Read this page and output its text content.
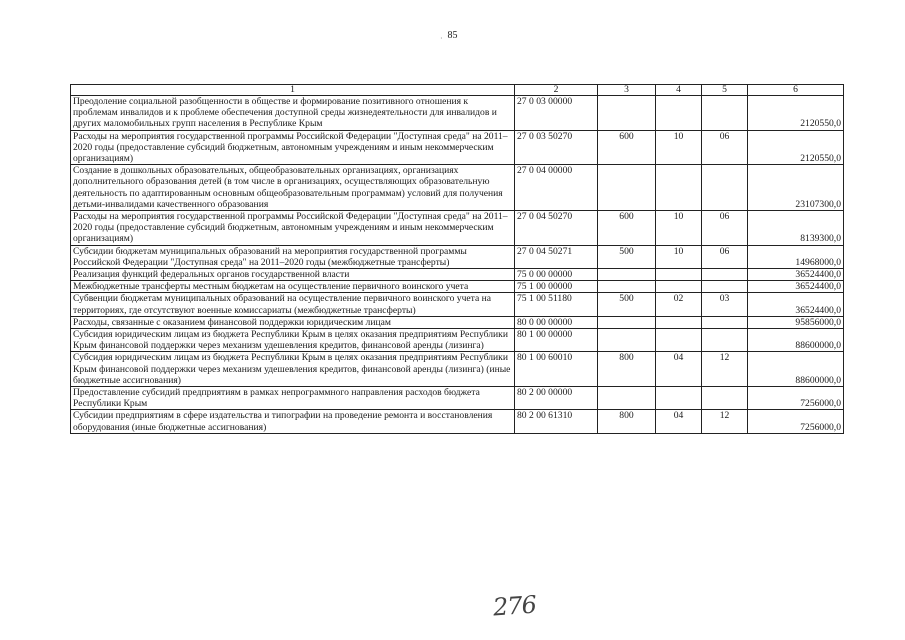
85
·
1	2	3	4	5	6
Преодоление социальной разобщенности в обществе и формирование позитивного отношения к проблемам инвалидов и к проблеме обеспечения доступной среды жизнедеятельности для инвалидов и других маломобильных групп населения в Республике Крым	27 0 03 00000				2120550,0
Расходы на мероприятия государственной программы Российской Федерации "Доступная среда" на 2011–2020 годы (предоставление субсидий бюджетным, автономным учреждениям и иным некоммерческим организациям)	27 0 03 50270	600	10	06	2120550,0
Создание в дошкольных образовательных, общеобразовательных организациях, организациях дополнительного образования детей (в том числе в организациях, осуществляющих образовательную деятельность по адаптированным основным общеобразовательным программам) условий для получения детьми-инвалидами качественного образования	27 0 04 00000				23107300,0
Расходы на мероприятия государственной программы Российской Федерации "Доступная среда" на 2011–2020 годы (предоставление субсидий бюджетным, автономным учреждениям и иным некоммерческим организациям)	27 0 04 50270	600	10	06	8139300,0
Субсидии бюджетам муниципальных образований на мероприятия государственной программы Российской Федерации "Доступная среда" на 2011–2020 годы (межбюджетные трансферты)	27 0 04 50271	500	10	06	14968000,0
Реализация функций федеральных органов государственной власти	75 0 00 00000				36524400,0
Межбюджетные трансферты местным бюджетам на осуществление первичного воинского учета	75 1 00 00000				36524400,0
Субвенции бюджетам муниципальных образований на осуществление первичного воинского учета на территориях, где отсутствуют военные комиссариаты (межбюджетные трансферты)	75 1 00 51180	500	02	03	36524400,0
Расходы, связанные с оказанием финансовой поддержки юридическим лицам	80 0 00 00000				95856000,0
Субсидия юридическим лицам из бюджета Республики Крым в целях оказания предприятиям Республики Крым финансовой поддержки через механизм удешевления кредитов, финансовой аренды (лизинга)	80 1 00 00000				88600000,0
Субсидия юридическим лицам из бюджета Республики Крым в целях оказания предприятиям Республики Крым финансовой поддержки через механизм удешевления кредитов, финансовой аренды (лизинга) (иные бюджетные ассигнования)	80 1 00 60010	800	04	12	88600000,0
Предоставление субсидий предприятиям в рамках непрограммного направления расходов бюджета Республики Крым	80 2 00 00000				7256000,0
Субсидии предприятиям в сфере издательства и типографии на проведение ремонта и восстановления оборудования (иные бюджетные ассигнования)	80 2 00 61310	800	04	12	7256000,0
276
